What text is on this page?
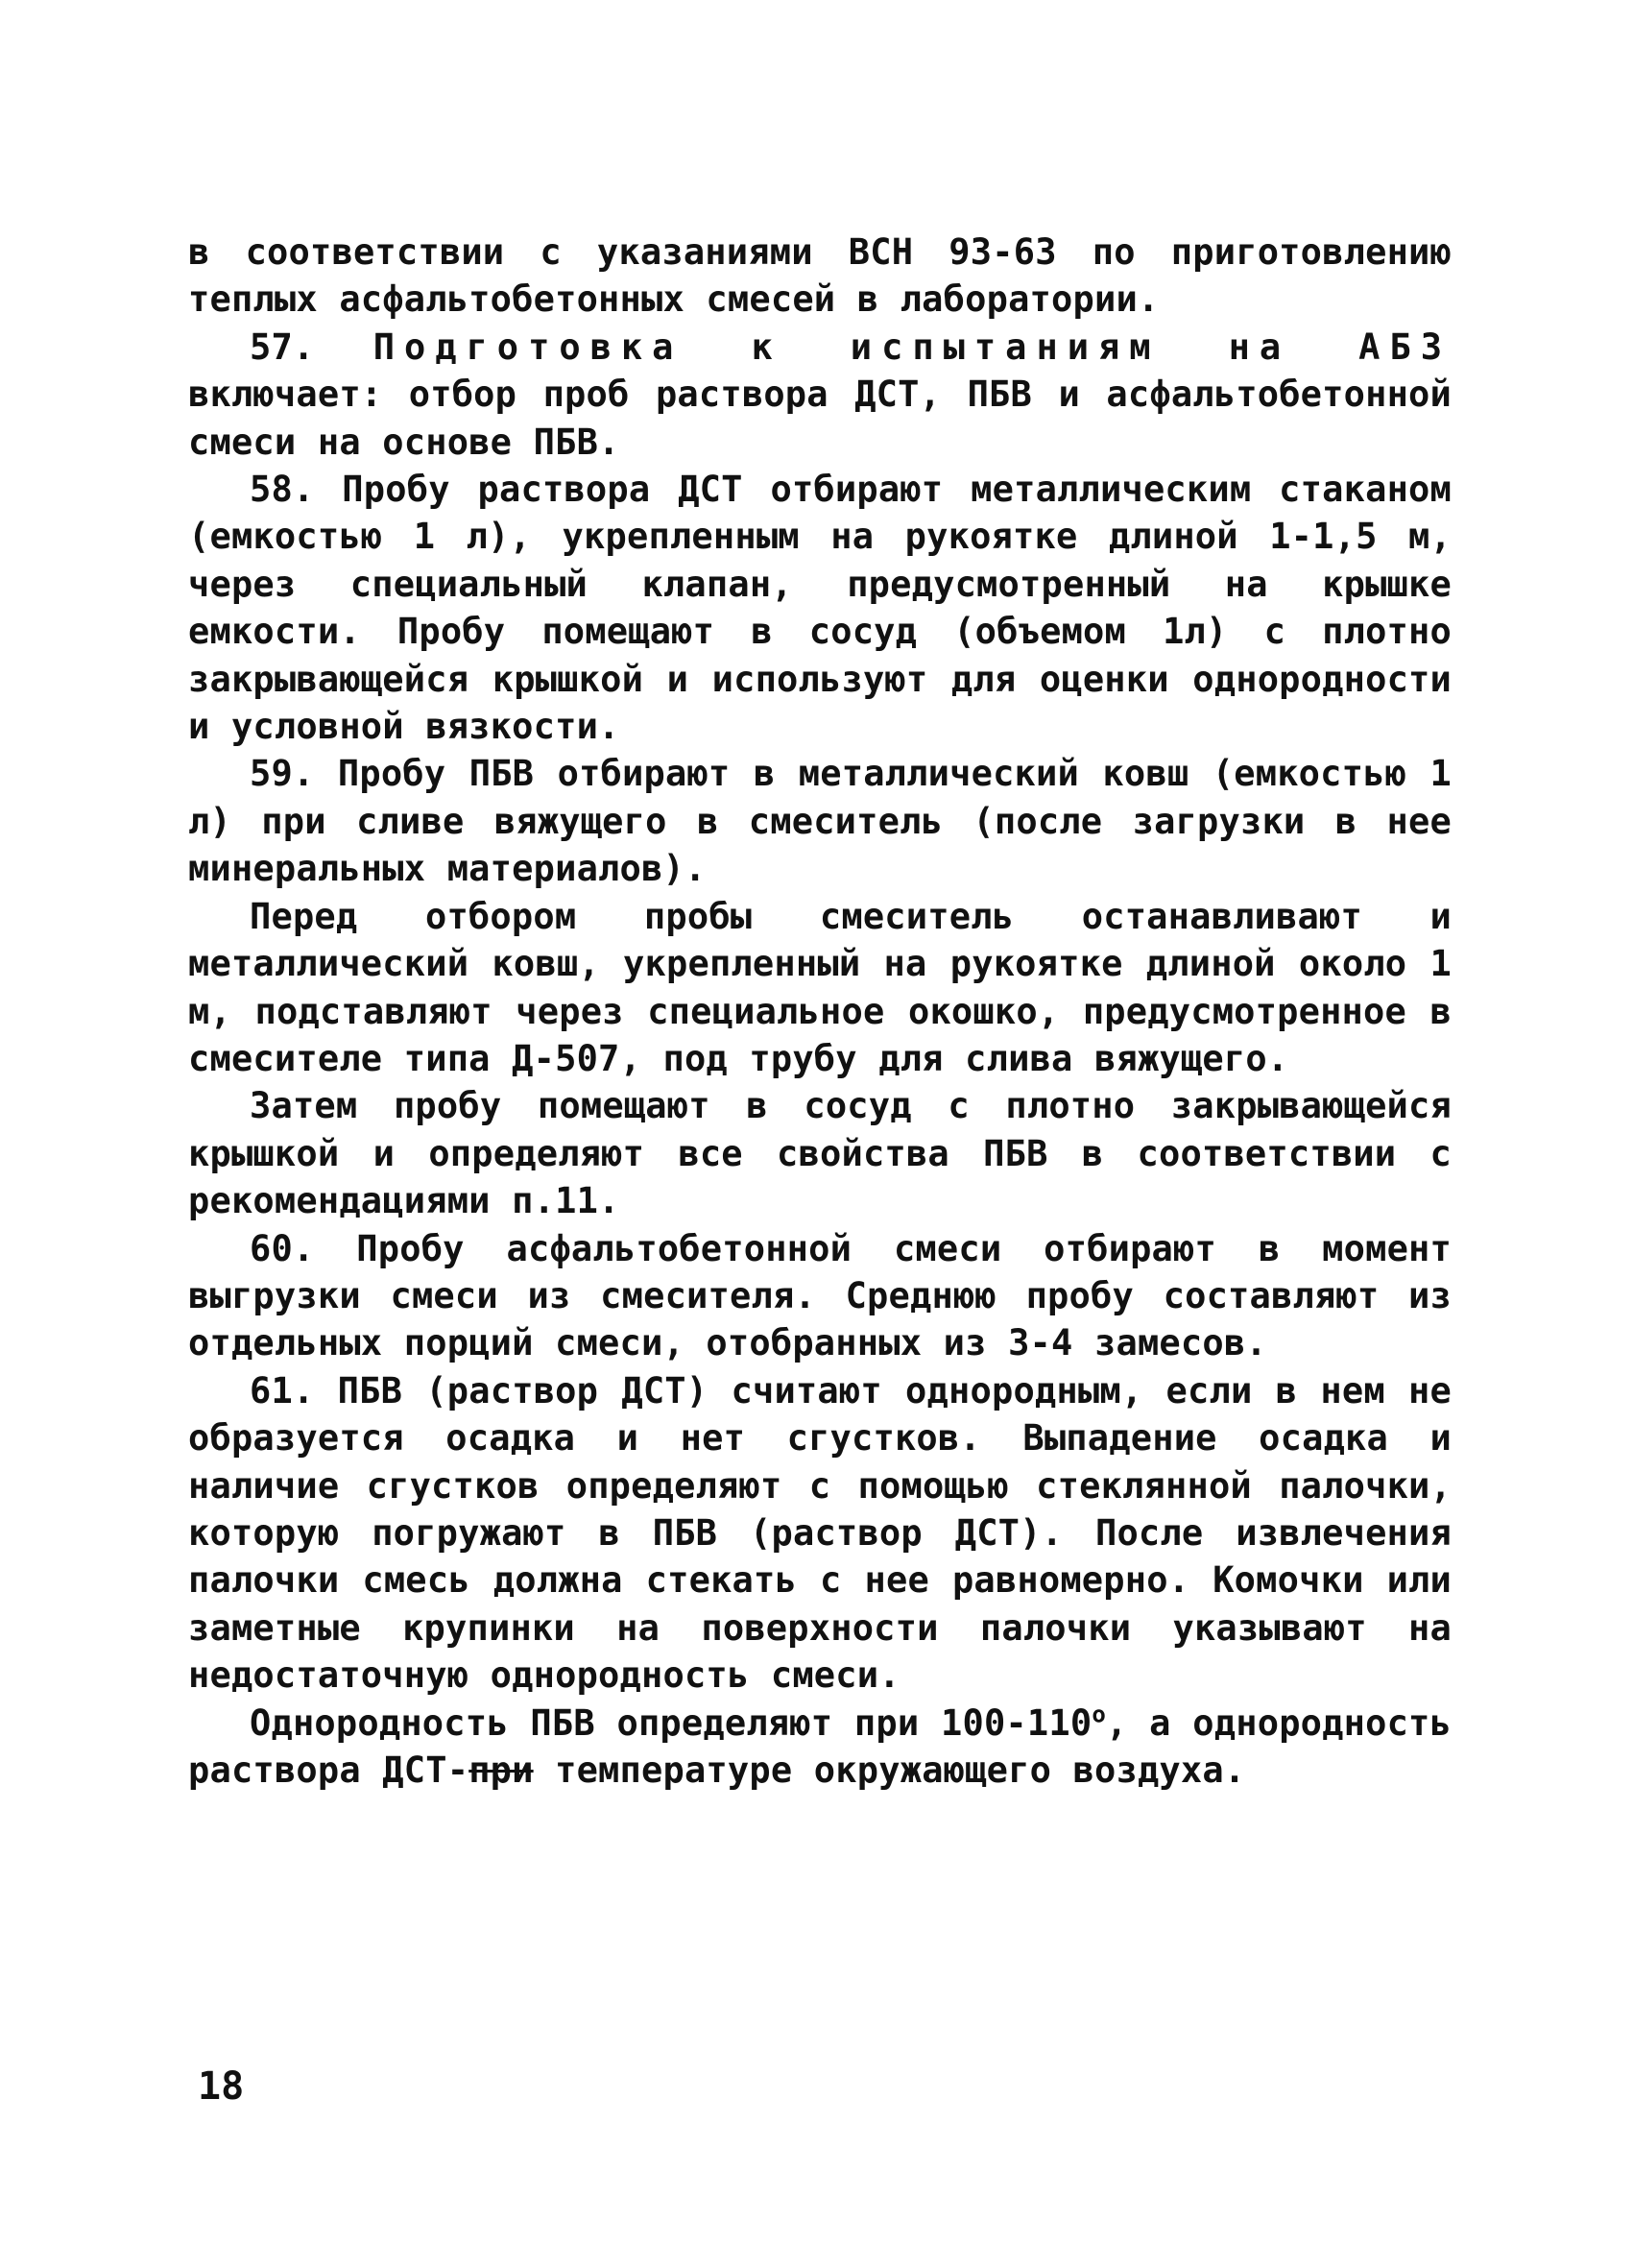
в соответствии с указаниями ВСН 93-63 по приготовлению теплых асфальтобетонных смесей в лаборатории.

57. Подготовка к испытаниям на АБЗ включает: отбор проб раствора ДСТ, ПБВ и асфальтобетонной смеси на основе ПБВ.

58. Пробу раствора ДСТ отбирают металлическим стаканом (емкостью 1 л), укрепленным на рукоятке длиной 1-1,5 м, через специальный клапан, предусмотренный на крышке емкости. Пробу помещают в сосуд (объемом 1л) с плотно закрывающейся крышкой и используют для оценки однородности и условной вязкости.

59. Пробу ПБВ отбирают в металлический ковш (емкостью 1 л) при сливе вяжущего в смеситель (после загрузки в нее минеральных материалов).

Перед отбором пробы смеситель останавливают и металлический ковш, укрепленный на рукоятке длиной около 1 м, подставляют через специальное окошко, предусмотренное в смесителе типа Д-507, под трубу для слива вяжущего.

Затем пробу помещают в сосуд с плотно закрывающейся крышкой и определяют все свойства ПБВ в соответствии с рекомендациями п.11.

60. Пробу асфальтобетонной смеси отбирают в момент выгрузки смеси из смесителя. Среднюю пробу составляют из отдельных порций смеси, отобранных из 3-4 замесов.

61. ПБВ (раствор ДСТ) считают однородным, если в нем не образуется осадка и нет сгустков. Выпадение осадка и наличие сгустков определяют с помощью стеклянной палочки, которую погружают в ПБВ (раствор ДСТ). После извлечения палочки смесь должна стекать с нее равномерно. Комочки или заметные крупинки на поверхности палочки указывают на недостаточную однородность смеси.

Однородность ПБВ определяют при $100-110^о$, а однородность раствора ДСТ-при температуре окружающего воздуха.

18
